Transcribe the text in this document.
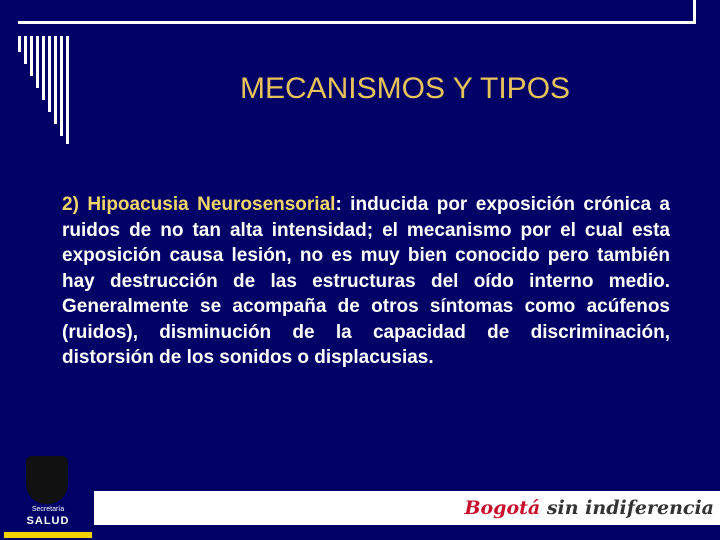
MECANISMOS Y TIPOS
2) Hipoacusia Neurosensorial: inducida por exposición crónica a ruidos de no tan alta intensidad; el mecanismo por el cual esta exposición causa lesión, no es muy bien conocido pero también hay destrucción de las estructuras del oído interno medio. Generalmente se acompaña de otros síntomas como acúfenos (ruidos), disminución de la capacidad de discriminación, distorsión de los sonidos o displacusias.
Secretaría
SALUD
Bogotá sin indiferencia
